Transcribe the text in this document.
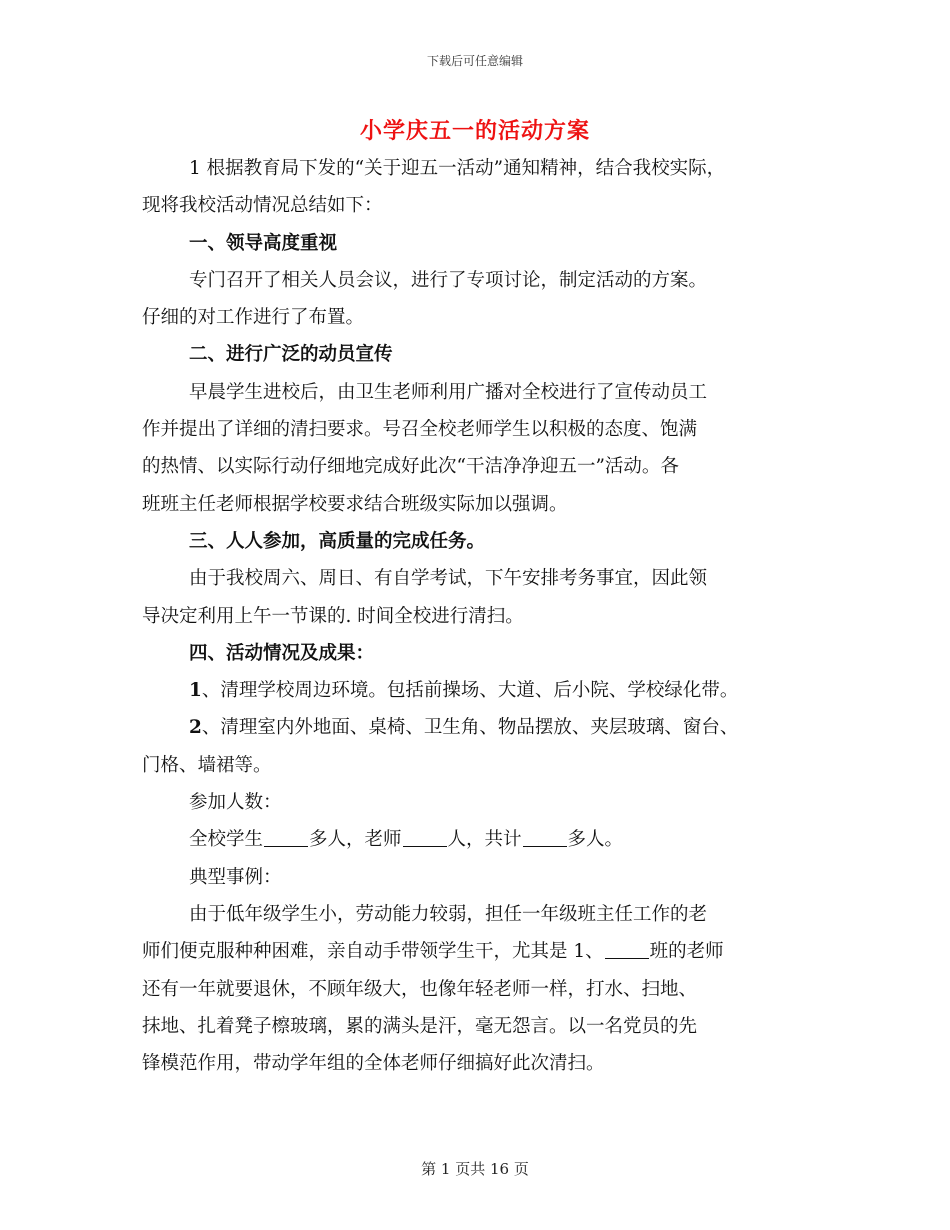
下载后可任意编辑
小学庆五一的活动方案
1 根据教育局下发的“关于迎五一活动”通知精神，结合我校实际，
现将我校活动情况总结如下：
一、领导高度重视
专门召开了相关人员会议，进行了专项讨论，制定活动的方案。
仔细的对工作进行了布置。
二、进行广泛的动员宣传
早晨学生进校后，由卫生老师利用广播对全校进行了宣传动员工
作并提出了详细的清扫要求。号召全校老师学生以积极的态度、饱满
的热情、以实际行动仔细地完成好此次“干洁净净迎五一”活动。各
班班主任老师根据学校要求结合班级实际加以强调。
三、人人参加，高质量的完成任务。
由于我校周六、周日、有自学考试，下午安排考务事宜，因此领
导决定利用上午一节课的. 时间全校进行清扫。
四、活动情况及成果：
1、清理学校周边环境。包括前操场、大道、后小院、学校绿化带。
2、清理室内外地面、桌椅、卫生角、物品摆放、夹层玻璃、窗台、
门格、墙裙等。
参加人数：
全校学生 多人，老师 人，共计 多人。
典型事例：
由于低年级学生小，劳动能力较弱，担任一年级班主任工作的老
师们便克服种种困难，亲自动手带领学生干，尤其是 1、 班的老师
还有一年就要退休，不顾年级大，也像年轻老师一样，打水、扫地、
抹地、扎着凳子檫玻璃，累的满头是汗，毫无怨言。以一名党员的先
锋模范作用，带动学年组的全体老师仔细搞好此次清扫。
第 1 页共 16 页
